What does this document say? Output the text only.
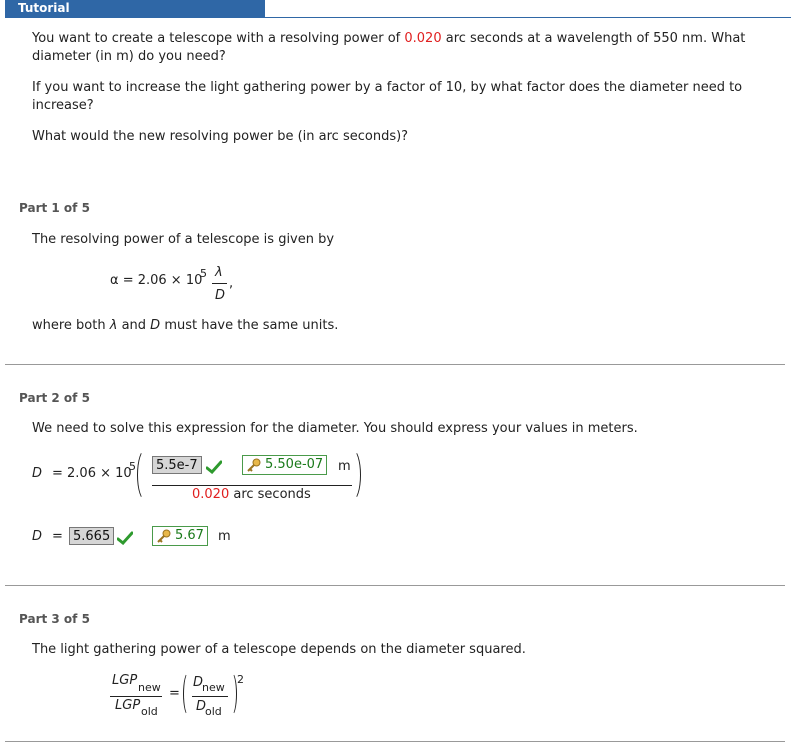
Tutorial
You want to create a telescope with a resolving power of 0.020 arc seconds at a wavelength of 550 nm. What diameter (in m) do you need?
If you want to increase the light gathering power by a factor of 10, by what factor does the diameter need to increase?
What would the new resolving power be (in arc seconds)?
Part 1 of 5
The resolving power of a telescope is given by
α = 2.06 × 10
5 λ
D
,
where both λ and D must have the same units.
Part 2 of 5
We need to solve this expression for the diameter. You should express your values in meters.
D = 2.06 × 10
5	5.5e-7	5.50e-07	m
0.020 arc seconds
D = 5.665	5.67	m
Part 3 of 5
The light gathering power of a telescope depends on the diameter squared.
LGP new
LGP old
=
D
new
D
old
2
